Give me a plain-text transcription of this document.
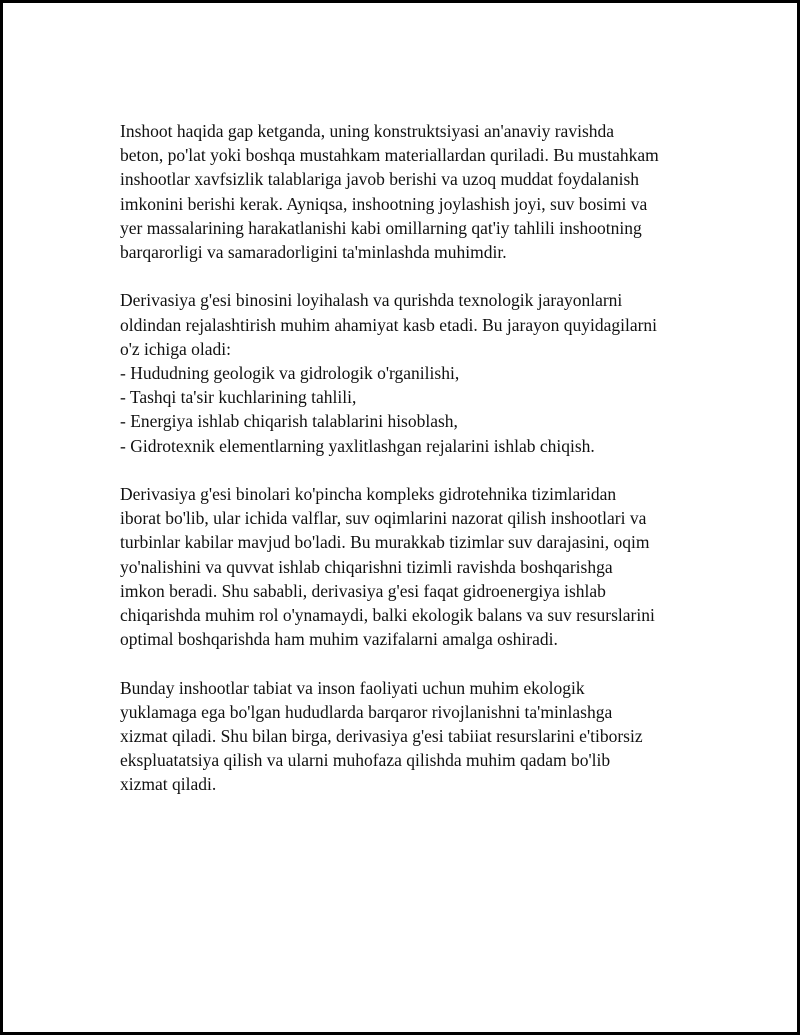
Inshoot haqida gap ketganda, uning konstruktsiyasi an'anaviy ravishda
beton, po'lat yoki boshqa mustahkam materiallardan quriladi. Bu mustahkam
inshootlar xavfsizlik talablariga javob berishi va uzoq muddat foydalanish
imkonini berishi kerak. Ayniqsa, inshootning joylashish joyi, suv bosimi va
yer massalarining harakatlanishi kabi omillarning qat'iy tahlili inshootning
barqarorligi va samaradorligini ta'minlashda muhimdir.

Derivasiya g'esi binosini loyihalash va qurishda texnologik jarayonlarni
oldindan rejalashtirish muhim ahamiyat kasb etadi. Bu jarayon quyidagilarni
o'z ichiga oladi:
- Hududning geologik va gidrologik o'rganilishi,
- Tashqi ta'sir kuchlarining tahlili,
- Energiya ishlab chiqarish talablarini hisoblash,
- Gidrotexnik elementlarning yaxlitlashgan rejalarini ishlab chiqish.

Derivasiya g'esi binolari ko'pincha kompleks gidrotehnika tizimlaridan
iborat bo'lib, ular ichida valflar, suv oqimlarini nazorat qilish inshootlari va
turbinlar kabilar mavjud bo'ladi. Bu murakkab tizimlar suv darajasini, oqim
yo'nalishini va quvvat ishlab chiqarishni tizimli ravishda boshqarishga
imkon beradi. Shu sababli, derivasiya g'esi faqat gidroenergiya ishlab
chiqarishda muhim rol o'ynamaydi, balki ekologik balans va suv resurslarini
optimal boshqarishda ham muhim vazifalarni amalga oshiradi.

Bunday inshootlar tabiat va inson faoliyati uchun muhim ekologik
yuklamaga ega bo'lgan hududlarda barqaror rivojlanishni ta'minlashga
xizmat qiladi. Shu bilan birga, derivasiya g'esi tabiiat resurslarini e'tiborsiz
ekspluatatsiya qilish va ularni muhofaza qilishda muhim qadam bo'lib
xizmat qiladi.
